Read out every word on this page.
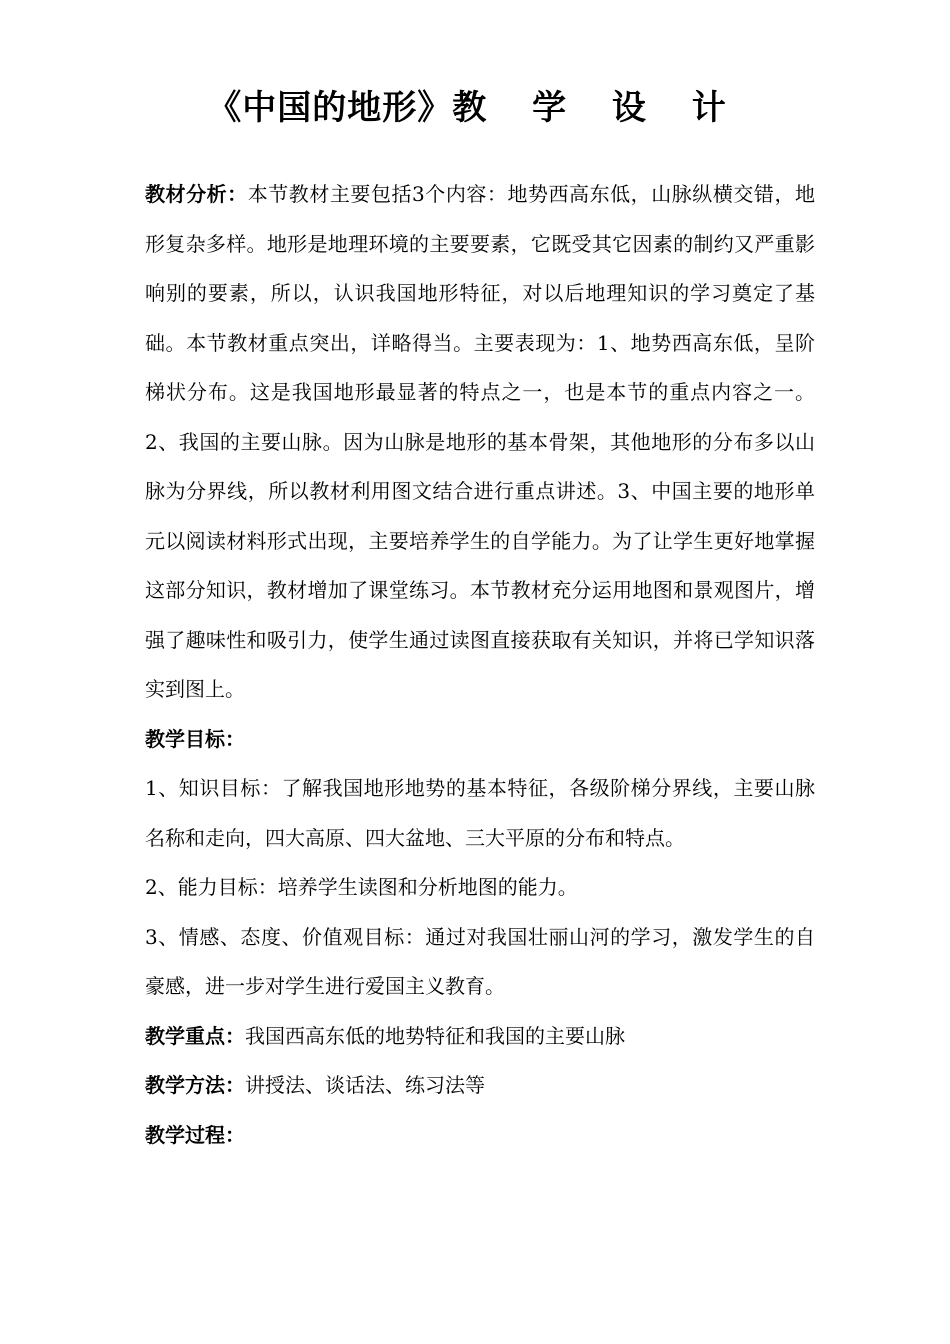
《中国的地形》教 学 设 计

教材分析：本节教材主要包括3个内容：地势西高东低，山脉纵横交错，地形复杂多样。地形是地理环境的主要要素，它既受其它因素的制约又严重影响别的要素，所以，认识我国地形特征，对以后地理知识的学习奠定了基础。本节教材重点突出，详略得当。主要表现为：1、地势西高东低，呈阶梯状分布。这是我国地形最显著的特点之一，也是本节的重点内容之一。2、我国的主要山脉。因为山脉是地形的基本骨架，其他地形的分布多以山脉为分界线，所以教材利用图文结合进行重点讲述。3、中国主要的地形单元以阅读材料形式出现，主要培养学生的自学能力。为了让学生更好地掌握这部分知识，教材增加了课堂练习。本节教材充分运用地图和景观图片，增强了趣味性和吸引力，使学生通过读图直接获取有关知识，并将已学知识落实到图上。

教学目标：

1、知识目标：了解我国地形地势的基本特征，各级阶梯分界线，主要山脉名称和走向，四大高原、四大盆地、三大平原的分布和特点。

2、能力目标：培养学生读图和分析地图的能力。

3、情感、态度、价值观目标：通过对我国壮丽山河的学习，激发学生的自豪感，进一步对学生进行爱国主义教育。

教学重点：我国西高东低的地势特征和我国的主要山脉

教学方法：讲授法、谈话法、练习法等

教学过程：
